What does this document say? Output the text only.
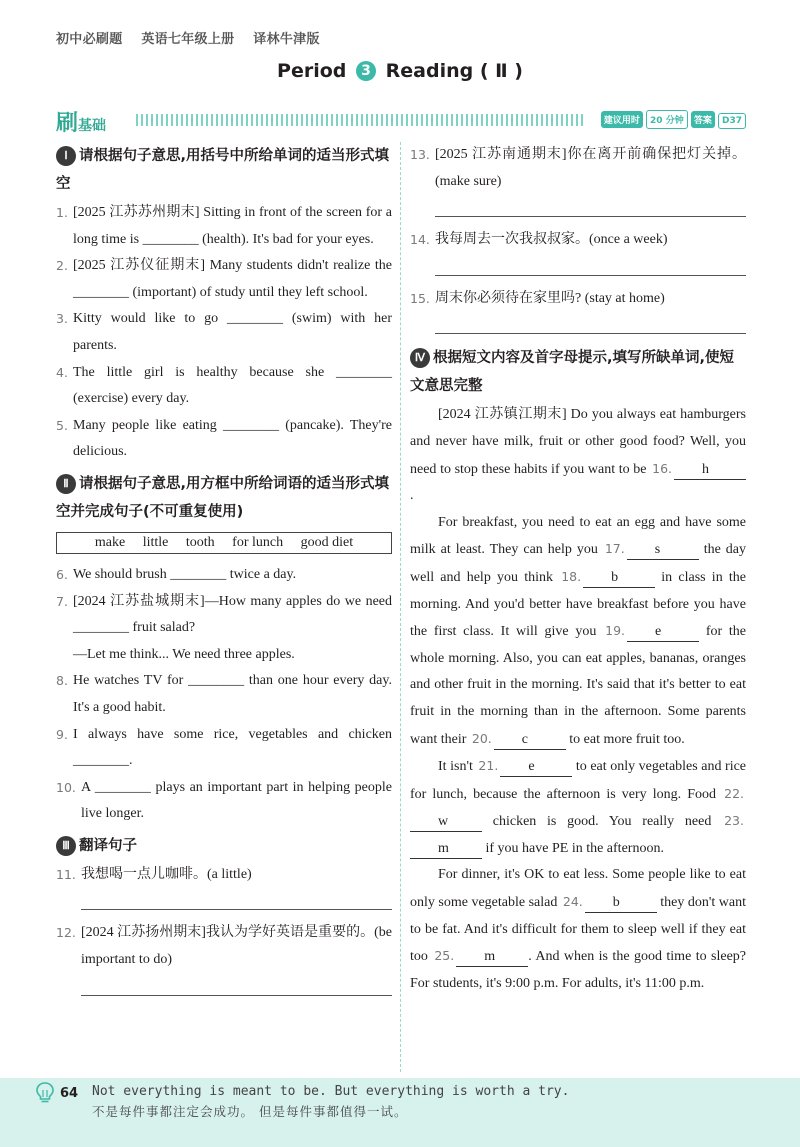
初中必刷题 英语七年级上册 译林牛津版
Period 3 Reading ( Ⅱ )
刷基础	建议用时 20 分钟 答案 D37
Ⅰ 请根据句子意思,用括号中所给单词的适当形式填空
1. [2025 江苏苏州期末] Sitting in front of the screen for a long time is ________ (health). It's bad for your eyes.
2. [2025 江苏仪征期末] Many students didn't realize the ________ (important) of study until they left school.
3. Kitty would like to go ________ (swim) with her parents.
4. The little girl is healthy because she ________ (exercise) every day.
5. Many people like eating ________ (pancake). They're delicious.
Ⅱ 请根据句子意思,用方框中所给词语的适当形式填空并完成句子(不可重复使用)
make little tooth for lunch good diet
6. We should brush ________ twice a day.
7. [2024 江苏盐城期末]—How many apples do we need ________ fruit salad?
—Let me think... We need three apples.
8. He watches TV for ________ than one hour every day. It's a good habit.
9. I always have some rice, vegetables and chicken ________.
10. A ________ plays an important part in helping people live longer.
Ⅲ 翻译句子
11. 我想喝一点儿咖啡。(a little)
12. [2024 江苏扬州期末]我认为学好英语是重要的。(be important to do)
13. [2025 江苏南通期末]你在离开前确保把灯关掉。(make sure)
14. 我每周去一次我叔叔家。(once a week)
15. 周末你必须待在家里吗? (stay at home)
Ⅳ 根据短文内容及首字母提示,填写所缺单词,使短文意思完整
[2024 江苏镇江期末] Do you always eat hamburgers and never have milk, fruit or other good food? Well, you need to stop these habits if you want to be 16. h.
For breakfast, you need to eat an egg and have some milk at least. They can help you 17. s	the day well and help you think 18. b	in class in the morning. And you'd better have breakfast before you have the first class. It will give you 19. e	for the whole morning. Also, you can eat apples, bananas, oranges and other fruit in the morning. It's said that it's better to eat fruit in the morning than in the afternoon. Some parents want their 20. c	to eat more fruit too.
It isn't 21. e	to eat only vegetables and rice for lunch, because the afternoon is very long. Food 22.w	chicken is good. You really need 23.m	if you have PE in the afternoon.
For dinner, it's OK to eat less. Some people like to eat only some vegetable salad 24. b	they don't want to be fat. And it's difficult for them to sleep well if they eat too 25. m . And when is the good time to sleep? For students, it's 9:00 p.m. For adults, it's 11:00 p.m.
64 Not everything is meant to be. But everything is worth a try.
不是每件事都注定会成功。 但是每件事都值得一试。
